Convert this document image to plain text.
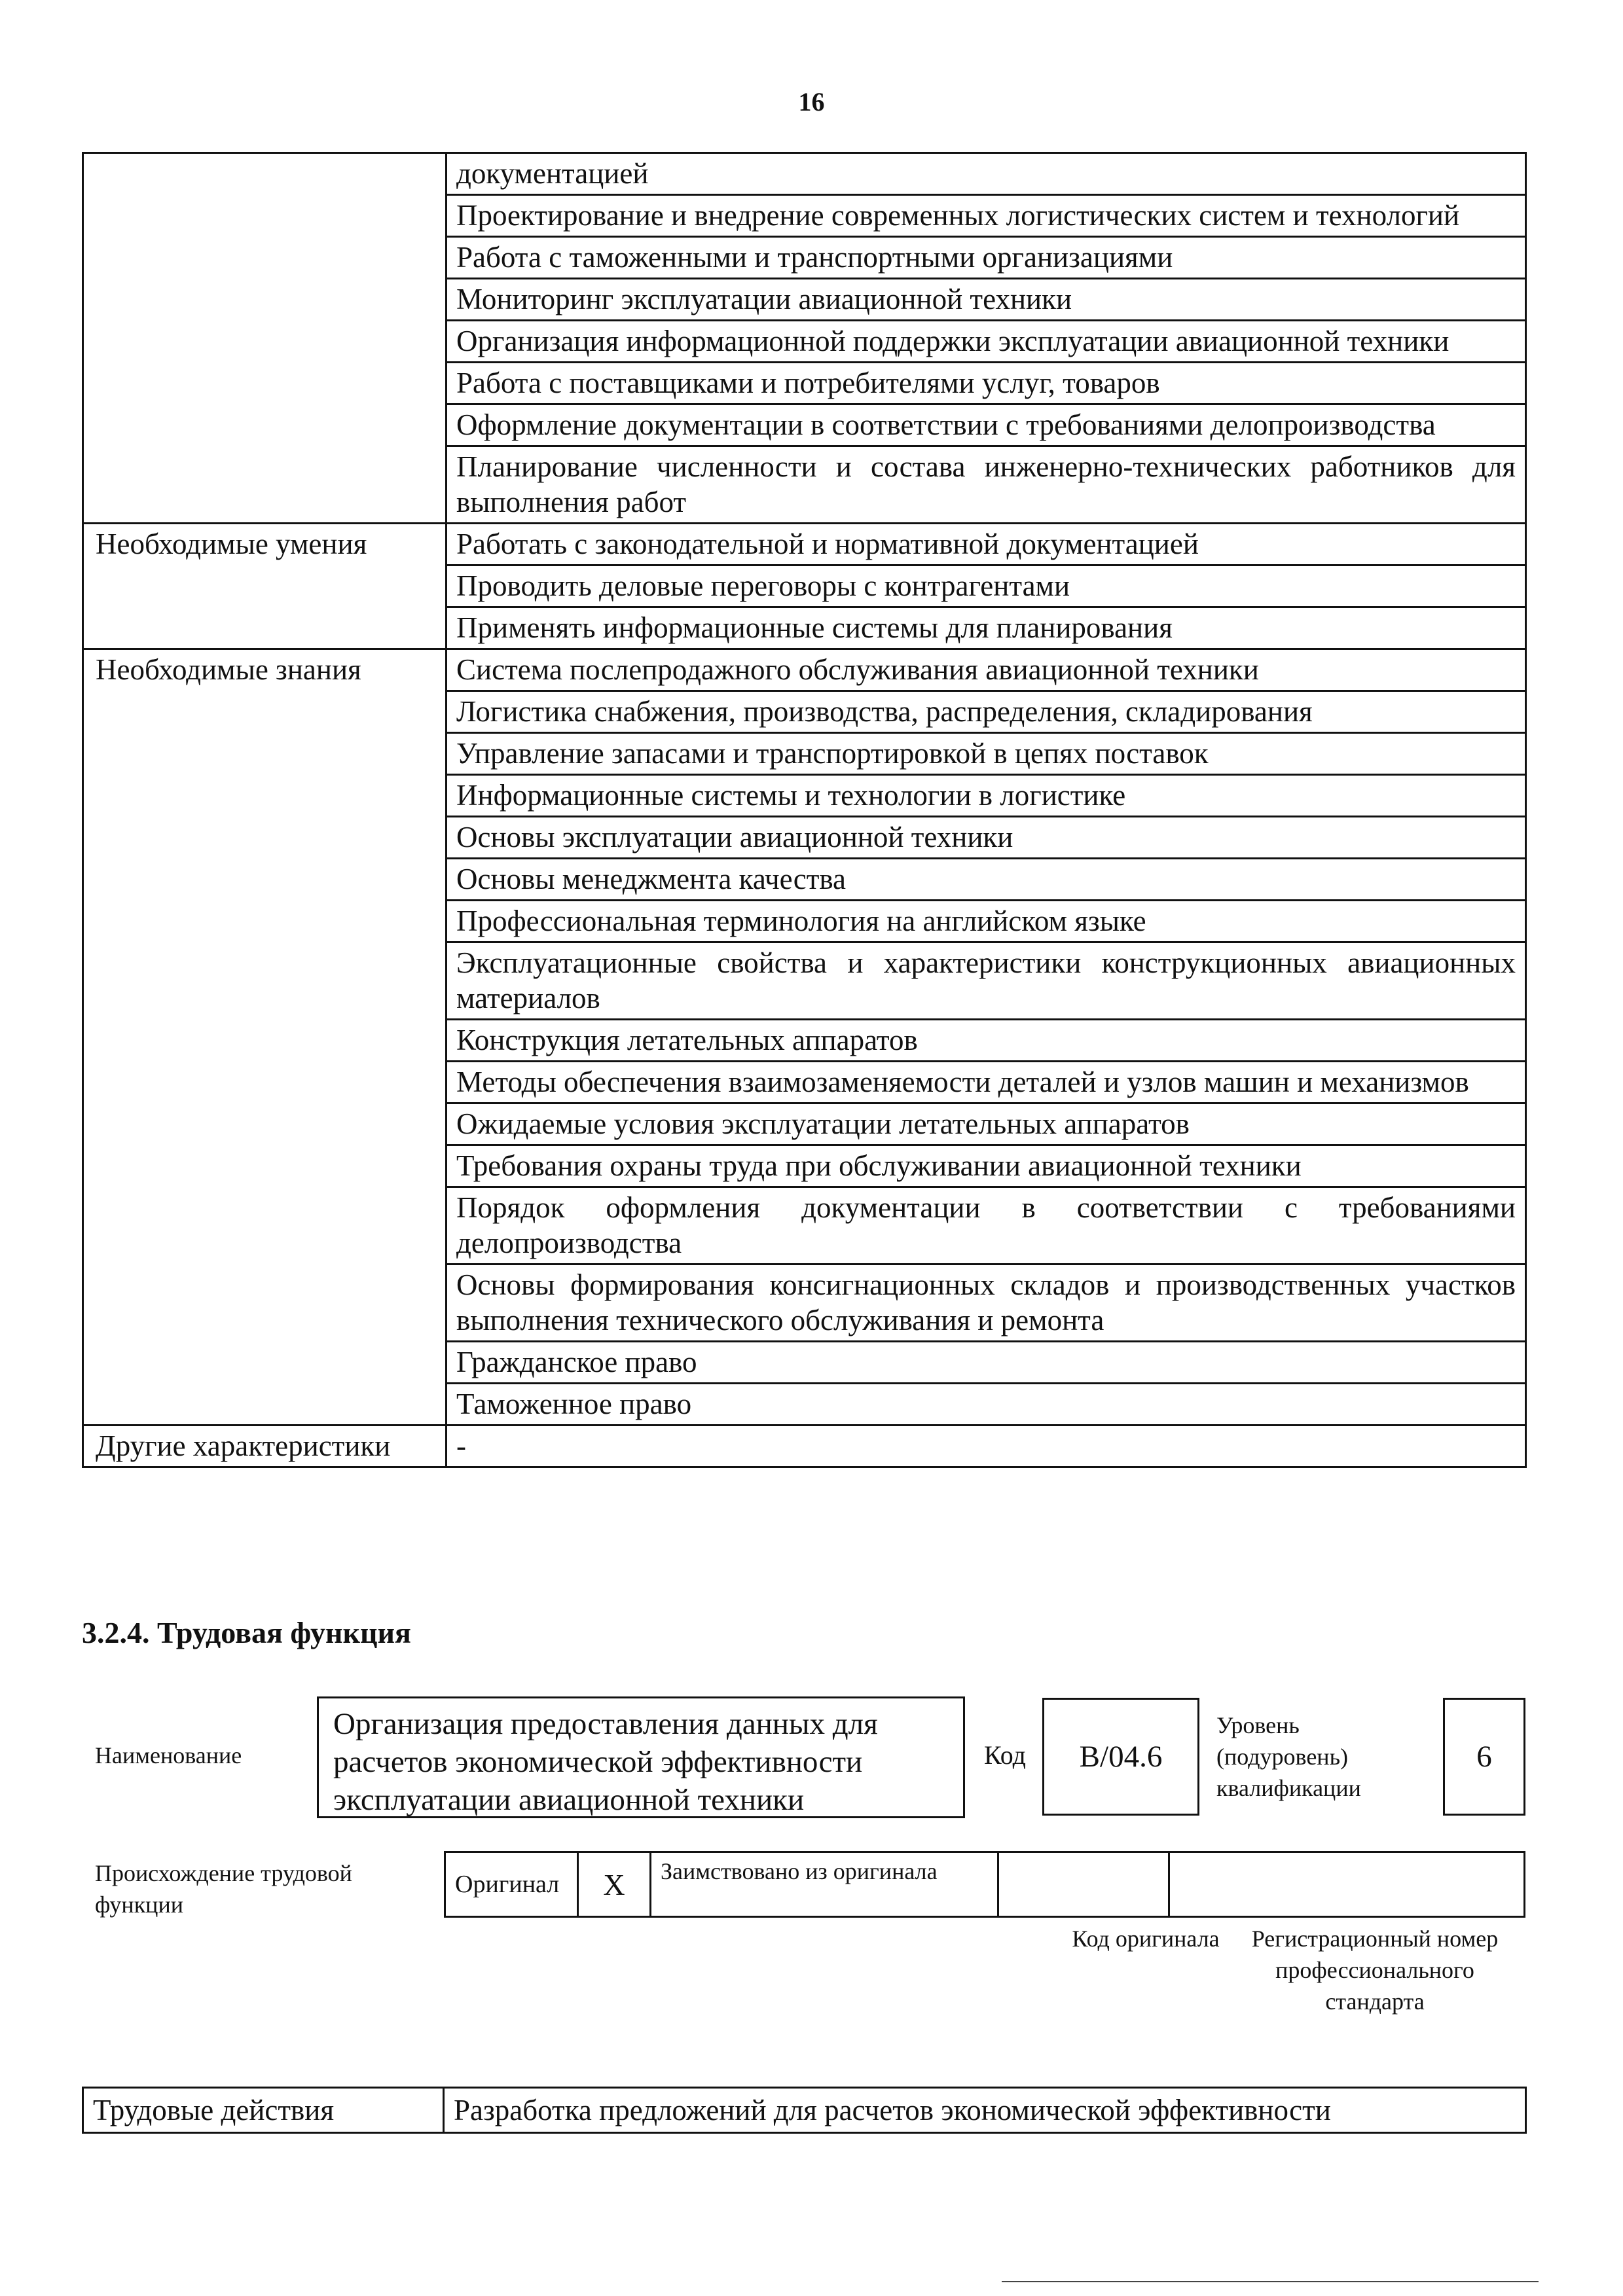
16
	документацией
	Проектирование и внедрение современных логистических систем и технологий
	Работа с таможенными и транспортными организациями
	Мониторинг эксплуатации авиационной техники
	Организация информационной поддержки эксплуатации авиационной техники
	Работа с поставщиками и потребителями услуг, товаров
	Оформление документации в соответствии с требованиями делопроизводства
	Планирование численности и состава инженерно-технических работников для выполнения работ
Необходимые умения	Работать с законодательной и нормативной документацией
	Проводить деловые переговоры с контрагентами
	Применять информационные системы для планирования
Необходимые знания	Система послепродажного обслуживания авиационной техники
	Логистика снабжения, производства, распределения, складирования
	Управление запасами и транспортировкой в цепях поставок
	Информационные системы и технологии в логистике
	Основы эксплуатации авиационной техники
	Основы менеджмента качества
	Профессиональная терминология на английском языке
	Эксплуатационные свойства и характеристики конструкционных авиационных материалов
	Конструкция летательных аппаратов
	Методы обеспечения взаимозаменяемости деталей и узлов машин и механизмов
	Ожидаемые условия эксплуатации летательных аппаратов
	Требования охраны труда при обслуживании авиационной техники
	Порядок оформления документации в соответствии с требованиями делопроизводства
	Основы формирования консигнационных складов и производственных участков выполнения технического обслуживания и ремонта
	Гражданское право
	Таможенное право
Другие характеристики	-
3.2.4. Трудовая функция
Наименование
Организация предоставления данных для расчетов экономической эффективности эксплуатации авиационной техники
Код B/04.6
Уровень (подуровень) квалификации
6
Происхождение трудовой функции
Оригинал	X	Заимствовано из оригинала		
Код оригинала	Регистрационный номер профессионального стандарта
Трудовые действия	Разработка предложений для расчетов экономической эффективности
